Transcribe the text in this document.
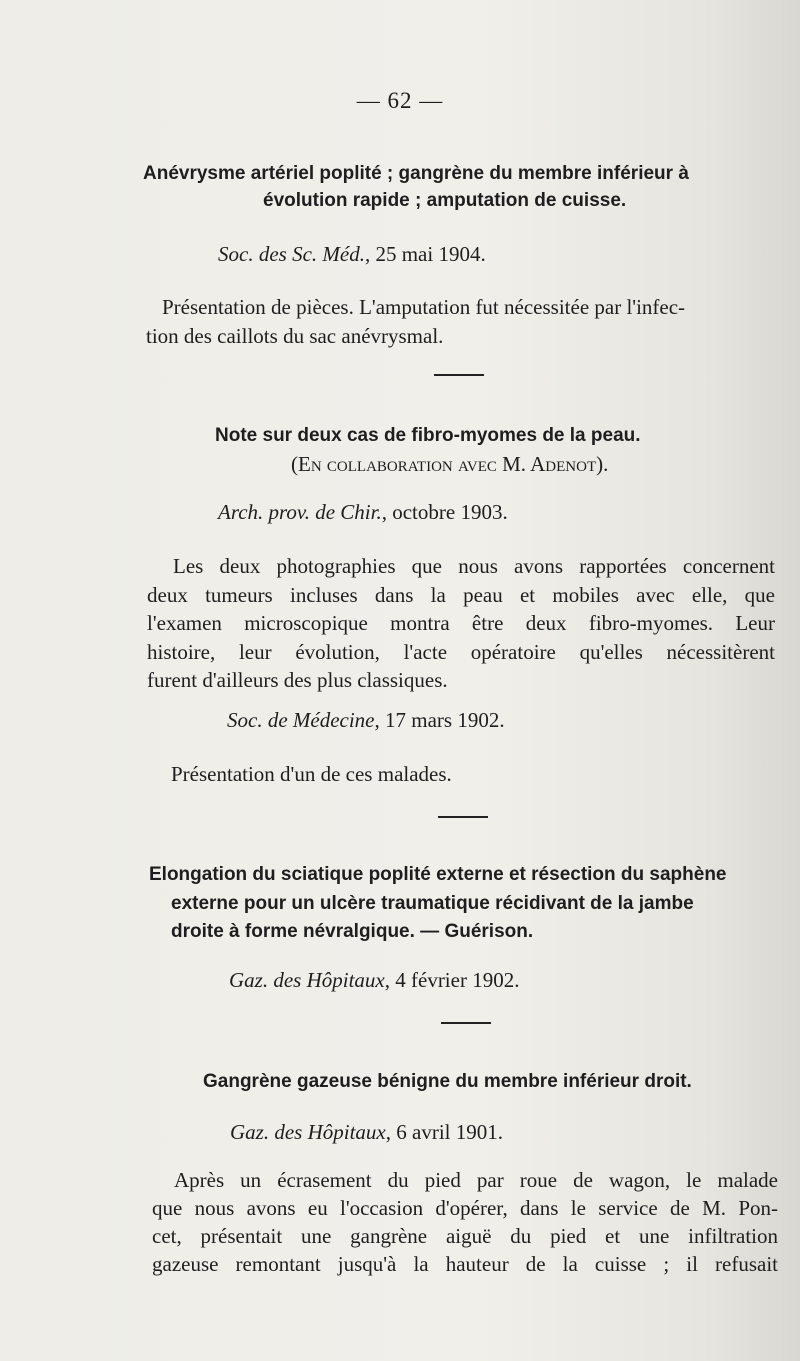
— 62 —

Anévrysme artériel poplité ; gangrène du membre inférieur à

évolution rapide ; amputation de cuisse.

Soc. des Sc. Méd., 25 mai 1904.

Présentation de pièces. L'amputation fut nécessitée par l'infec-

tion des caillots du sac anévrysmal.

Note sur deux cas de fibro-myomes de la peau.

(En collaboration avec M. Adenot).

Arch. prov. de Chir., octobre 1903.

Les deux photographies que nous avons rapportées concernent
deux tumeurs incluses dans la peau et mobiles avec elle, que
l'examen microscopique montra être deux fibro-myomes. Leur
histoire, leur évolution, l'acte opératoire qu'elles nécessitèrent
furent d'ailleurs des plus classiques.

Soc. de Médecine, 17 mars 1902.

Présentation d'un de ces malades.

Elongation du sciatique poplité externe et résection du saphène

externe pour un ulcère traumatique récidivant de la jambe

droite à forme névralgique. — Guérison.

Gaz. des Hôpitaux, 4 février 1902.

Gangrène gazeuse bénigne du membre inférieur droit.

Gaz. des Hôpitaux, 6 avril 1901.

Après un écrasement du pied par roue de wagon, le malade
que nous avons eu l'occasion d'opérer, dans le service de M. Pon-
cet, présentait une gangrène aiguë du pied et une infiltration
gazeuse remontant jusqu'à la hauteur de la cuisse ; il refusait
